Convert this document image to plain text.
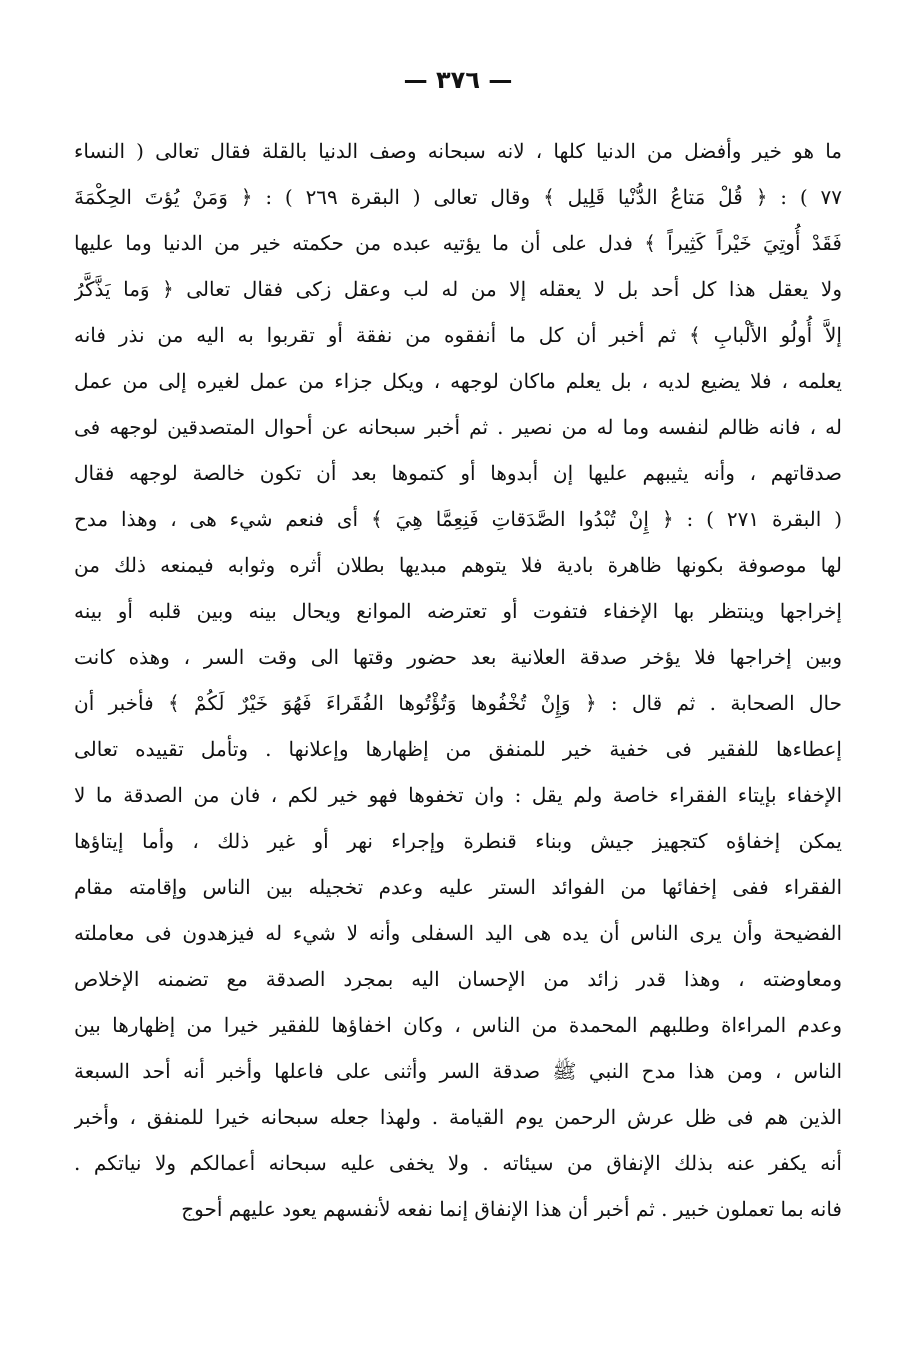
— ٣٧٦ —
ما هو خير وأفضل من الدنيا كلها ، لانه سبحانه وصف الدنيا بالقلة فقال تعالى ( النساء
٧٧ ) : ﴿ قُلْ مَتاعُ الدُّنْيا قَلِيل ﴾ وقال تعالى ( البقرة ٢٦٩ ) : ﴿ وَمَنْ يُؤتَ الحِكْمَةَ
فَقَدْ أُوتِيَ خَيْراً كَثِيراً ﴾ فدل على أن ما يؤتيه عبده من حكمته خير من الدنيا وما عليها
ولا يعقل هذا كل أحد بل لا يعقله إلا من له لب وعقل زكى فقال تعالى ﴿ وَما يَذَّكَّرُ
إلاَّ أُولُو الألْبابِ ﴾ ثم أخبر أن كل ما أنفقوه من نفقة أو تقربوا به اليه من نذر فانه
يعلمه ، فلا يضيع لديه ، بل يعلم ماكان لوجهه ، ويكل جزاء من عمل لغيره إلى من عمل
له ، فانه ظالم لنفسه وما له من نصير . ثم أخبر سبحانه عن أحوال المتصدقين لوجهه فى
صدقاتهم ، وأنه يثيبهم عليها إن أبدوها أو كتموها بعد أن تكون خالصة لوجهه فقال
( البقرة ٢٧١ ) : ﴿ إِنْ تُبْدُوا الصَّدَقاتِ فَنِعِمَّا هِيَ ﴾ أى فنعم شيء هى ، وهذا مدح
لها موصوفة بكونها ظاهرة بادية فلا يتوهم مبديها بطلان أثره وثوابه فيمنعه ذلك من
إخراجها وينتظر بها الإخفاء فتفوت أو تعترضه الموانع ويحال بينه وبين قلبه أو بينه
وبين إخراجها فلا يؤخر صدقة العلانية بعد حضور وقتها الى وقت السر ، وهذه كانت
حال الصحابة . ثم قال : ﴿ وَإِنْ تُخْفُوها وَتُؤْتُوها الفُقَراءَ فَهُوَ خَيْرٌ لَكُمْ ﴾ فأخبر أن
إعطاءها للفقير فى خفية خير للمنفق من إظهارها وإعلانها . وتأمل تقييده تعالى
الإخفاء بإيتاء الفقراء خاصة ولم يقل : وان تخفوها فهو خير لكم ، فان من الصدقة ما لا
يمكن إخفاؤه كتجهيز جيش وبناء قنطرة وإجراء نهر أو غير ذلك ، وأما إيتاؤها
الفقراء ففى إخفائها من الفوائد الستر عليه وعدم تخجيله بين الناس وإقامته مقام
الفضيحة وأن يرى الناس أن يده هى اليد السفلى وأنه لا شيء له فيزهدون فى معاملته
ومعاوضته ، وهذا قدر زائد من الإحسان اليه بمجرد الصدقة مع تضمنه الإخلاص
وعدم المراءاة وطلبهم المحمدة من الناس ، وكان اخفاؤها للفقير خيرا من إظهارها بين
الناس ، ومن هذا مدح النبي ﷺ صدقة السر وأثنى على فاعلها وأخبر أنه أحد السبعة
الذين هم فى ظل عرش الرحمن يوم القيامة . ولهذا جعله سبحانه خيرا للمنفق ، وأخبر
أنه يكفر عنه بذلك الإنفاق من سيئاته . ولا يخفى عليه سبحانه أعمالكم ولا نياتكم .
فانه بما تعملون خبير . ثم أخبر أن هذا الإنفاق إنما نفعه لأنفسهم يعود عليهم أحوج
